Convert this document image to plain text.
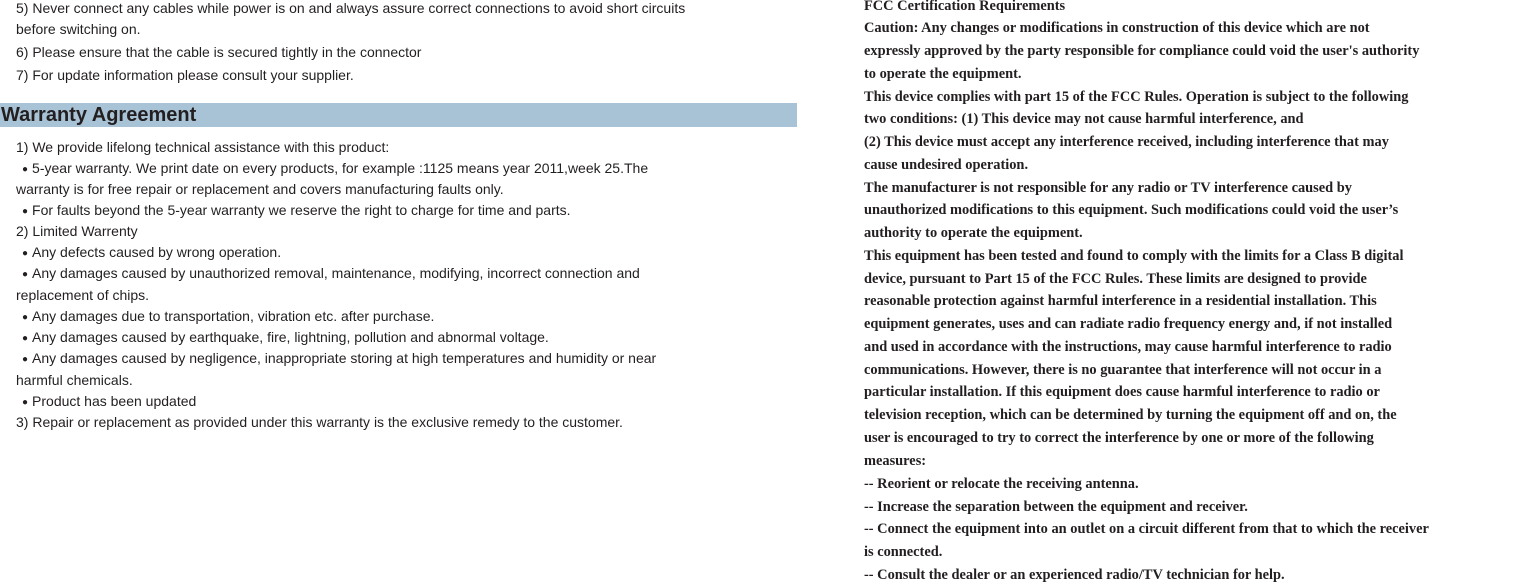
5) Never connect any cables while power is on and always assure correct connections to avoid short circuits
before switching on.
6) Please ensure that the cable is secured tightly in the connector
7) For update information please consult your supplier.
Warranty Agreement
1) We provide lifelong technical assistance with this product:
● 5-year warranty. We print date on every products, for example :1125 means year 2011,week 25.The
warranty is for free repair or replacement and covers manufacturing faults only.
● For faults beyond the 5-year warranty we reserve the right to charge for time and parts.
2) Limited Warrenty
● Any defects caused by wrong operation.
● Any damages caused by unauthorized removal, maintenance, modifying, incorrect connection and
replacement of chips.
● Any damages due to transportation, vibration etc. after purchase.
● Any damages caused by earthquake, fire, lightning, pollution and abnormal voltage.
● Any damages caused by negligence, inappropriate storing at high temperatures and humidity or near
harmful chemicals.
● Product has been updated
3) Repair or replacement as provided under this warranty is the exclusive remedy to the customer.
FCC Certification Requirements
Caution: Any changes or modifications in construction of this device which are not
expressly approved by the party responsible for compliance could void the user's authority
to operate the equipment.
This device complies with part 15 of the FCC Rules. Operation is subject to the following
two conditions: (1) This device may not cause harmful interference, and
(2) This device must accept any interference received, including interference that may
cause undesired operation.
The manufacturer is not responsible for any radio or TV interference caused by
unauthorized modifications to this equipment. Such modifications could void the user’s
authority to operate the equipment.
This equipment has been tested and found to comply with the limits for a Class B digital
device, pursuant to Part 15 of the FCC Rules. These limits are designed to provide
reasonable protection against harmful interference in a residential installation. This
equipment generates, uses and can radiate radio frequency energy and, if not installed
and used in accordance with the instructions, may cause harmful interference to radio
communications. However, there is no guarantee that interference will not occur in a
particular installation. If this equipment does cause harmful interference to radio or
television reception, which can be determined by turning the equipment off and on, the
user is encouraged to try to correct the interference by one or more of the following
measures:
-- Reorient or relocate the receiving antenna.
-- Increase the separation between the equipment and receiver.
-- Connect the equipment into an outlet on a circuit different from that to which the receiver
is connected.
-- Consult the dealer or an experienced radio/TV technician for help.
